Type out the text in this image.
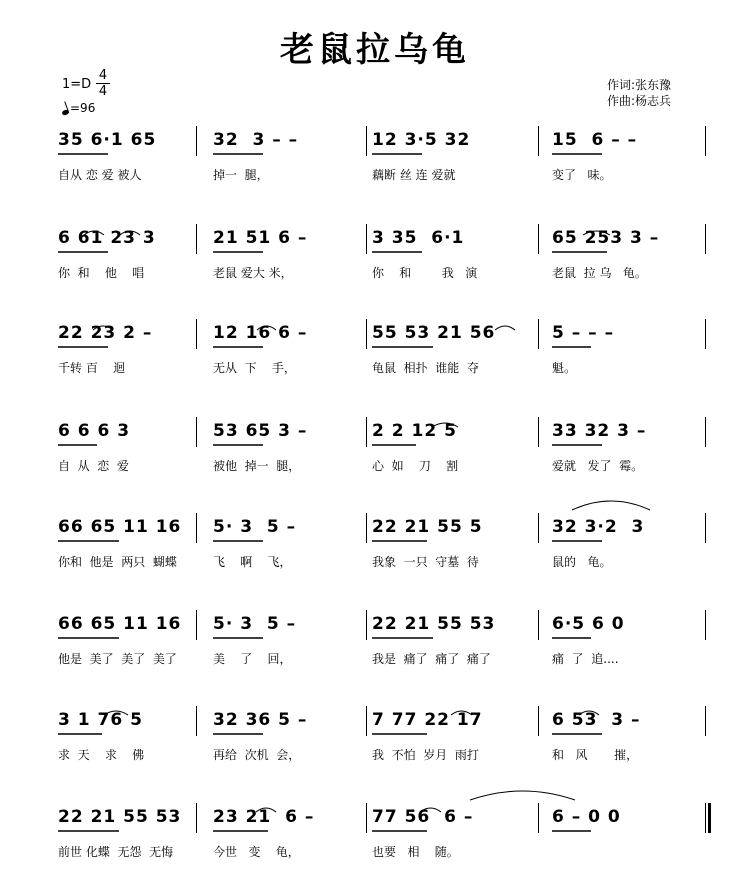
老鼠拉乌龟
1=D
4
4
=96
作词:张东豫
作曲:杨志兵
35 6·1 65
自从 恋 爱 被人
32  3 – –
掉一  腿，
12 3·5 32
藕断 丝 连 爱就
15  6 – –
变了   味。
6 61 23 3
你  和    他    唱
21 51 6 –
老鼠 爱大 米，
3 35  6·1
你    和        我   演
65 253 3 –
老鼠  拉 乌   龟。
22 23 2 –
千转 百    迴
12 16 6 –
无从  下    手，
55 53 21 56
龟鼠  相扑  谁能  夺
5 – – –
魁。
6 6 6 3
自  从  恋  爱
53 65 3 –
被他  掉一  腿，
2 2 12 5
心  如    刀    割
33 32 3 –
爱就   发了  霉。
66 65 11 16
你和  他是  两只  蝴蝶
5· 3  5 –
飞    啊    飞，
22 21 55 5
我象  一只  守墓  待
32 3·2  3
鼠的   龟。
66 65 11 16
他是  美了  美了  美了
5· 3  5 –
美    了    回，
22 21 55 53
我是  痛了  痛了  痛了
6·5 6 0
痛  了  追....
3 1 76 5
求  天    求    佛
32 36 5 –
再给  次机  会，
7 77 22 17
我  不怕  岁月  雨打
6 53  3 –
和   风       摧，
22 21 55 53
前世 化蝶  无怨  无悔
23 21  6 –
今世   变    龟，
77 56  6 –
也要   相    随。
6 – 0 0
